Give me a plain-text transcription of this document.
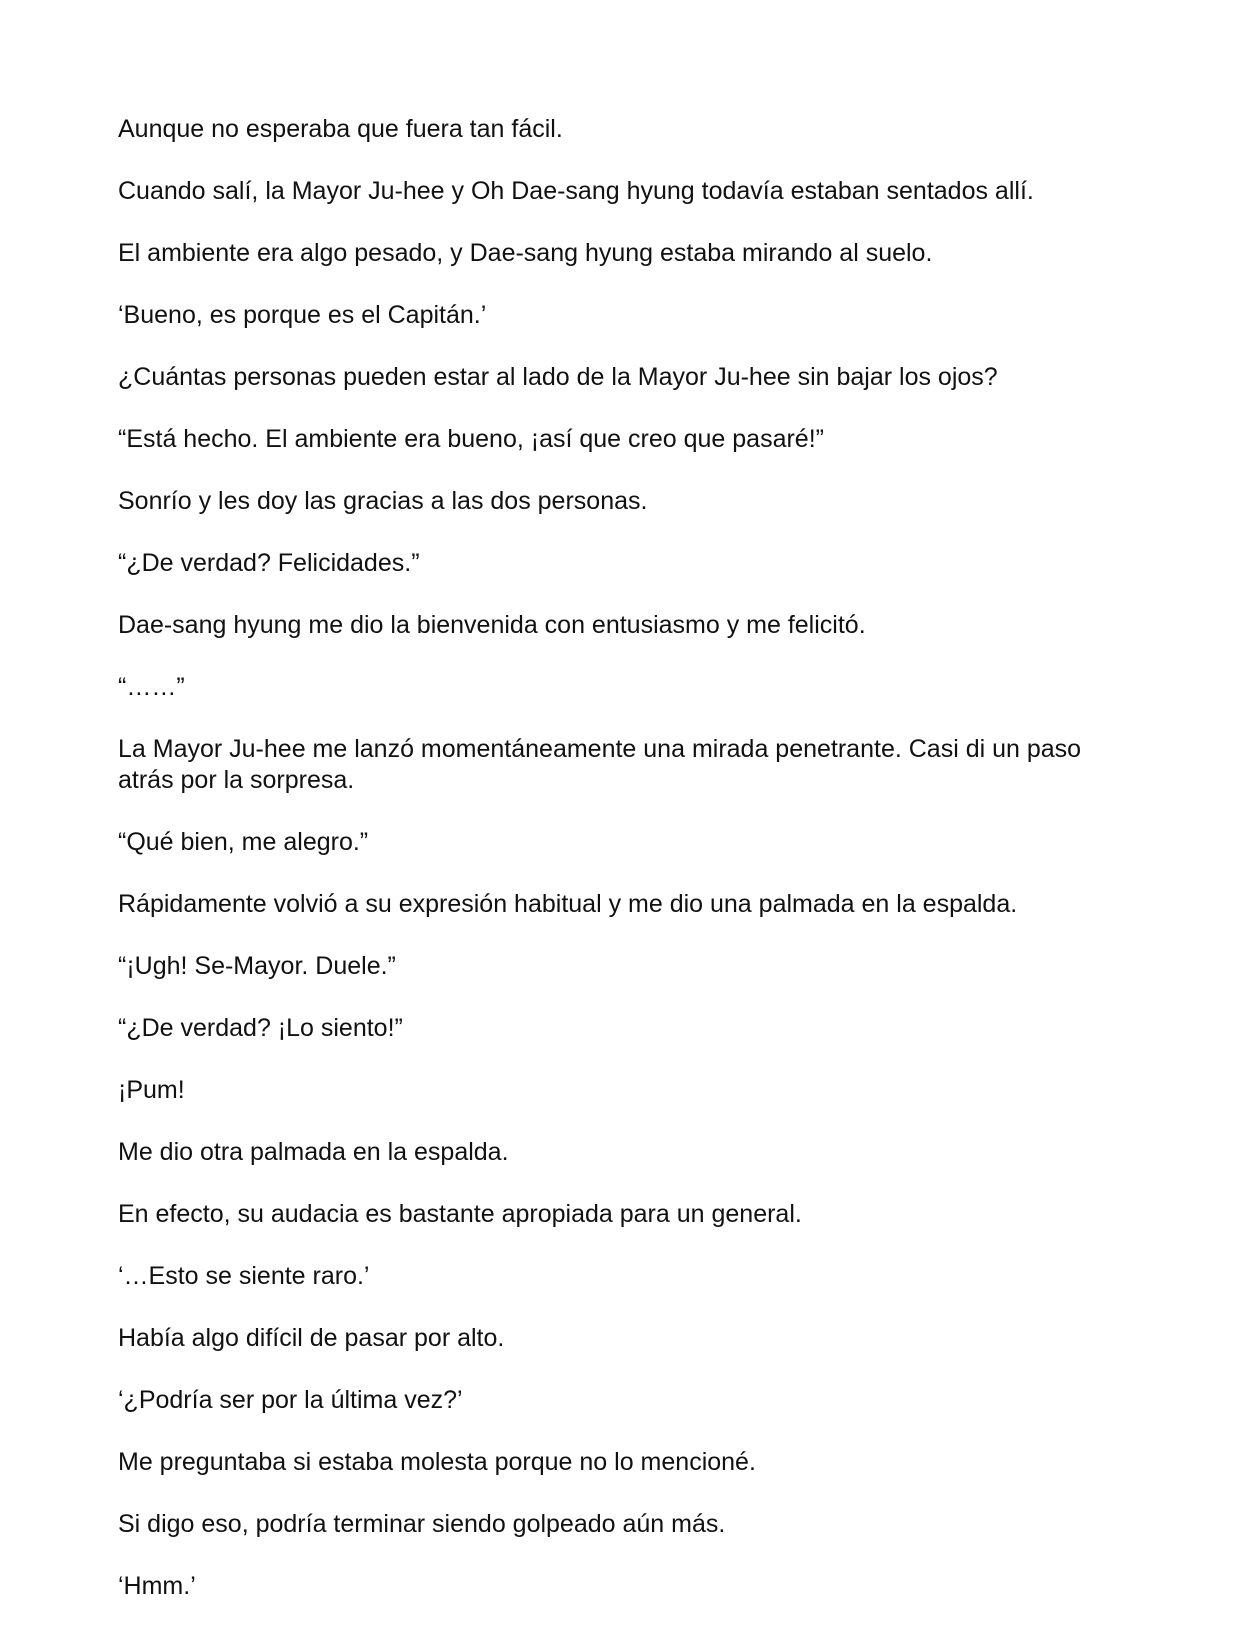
Aunque no esperaba que fuera tan fácil.

Cuando salí, la Mayor Ju-hee y Oh Dae-sang hyung todavía estaban sentados allí.

El ambiente era algo pesado, y Dae-sang hyung estaba mirando al suelo.

‘Bueno, es porque es el Capitán.’

¿Cuántas personas pueden estar al lado de la Mayor Ju-hee sin bajar los ojos?

“Está hecho. El ambiente era bueno, ¡así que creo que pasaré!”

Sonrío y les doy las gracias a las dos personas.

“¿De verdad? Felicidades.”

Dae-sang hyung me dio la bienvenida con entusiasmo y me felicitó.

“……”

La Mayor Ju-hee me lanzó momentáneamente una mirada penetrante. Casi di un paso atrás por la sorpresa.

“Qué bien, me alegro.”

Rápidamente volvió a su expresión habitual y me dio una palmada en la espalda.

“¡Ugh! Se-Mayor. Duele.”

“¿De verdad? ¡Lo siento!”

¡Pum!

Me dio otra palmada en la espalda.

En efecto, su audacia es bastante apropiada para un general.

‘…Esto se siente raro.’

Había algo difícil de pasar por alto.

‘¿Podría ser por la última vez?’

Me preguntaba si estaba molesta porque no lo mencioné.

Si digo eso, podría terminar siendo golpeado aún más.

‘Hmm.’
